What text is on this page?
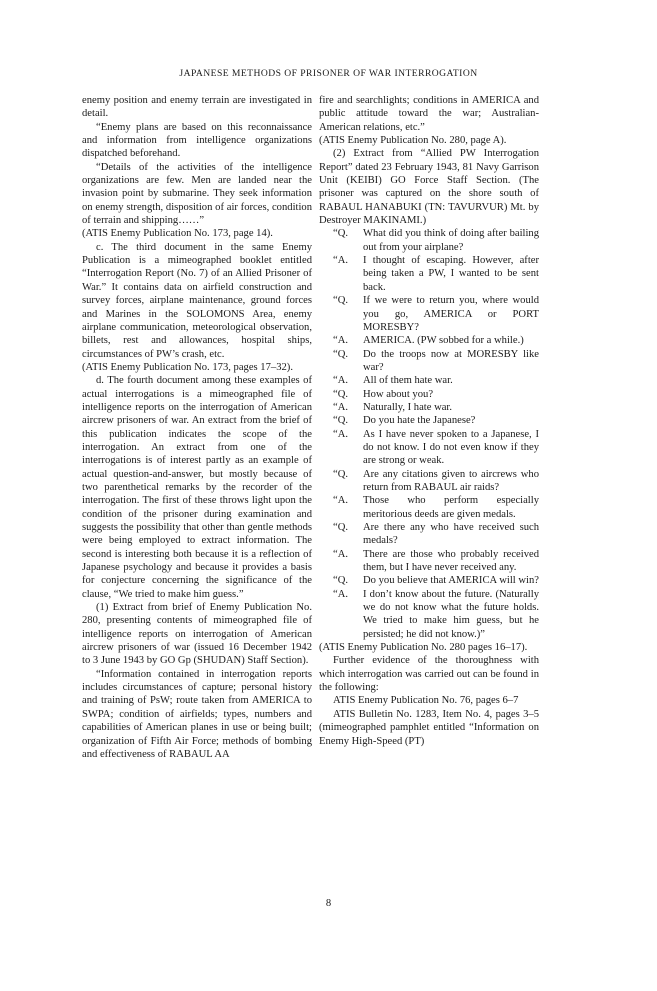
JAPANESE METHODS OF PRISONER OF WAR INTERROGATION

enemy position and enemy terrain are investigated in detail.

“Enemy plans are based on this reconnaissance and information from intelligence organizations dispatched beforehand.

“Details of the activities of the intelligence organizations are few. Men are landed near the invasion point by submarine. They seek information on enemy strength, disposition of air forces, condition of terrain and shipping……”

(ATIS Enemy Publication No. 173, page 14).

c. The third document in the same Enemy Publication is a mimeographed booklet entitled “Interrogation Report (No. 7) of an Allied Prisoner of War.” It contains data on airfield construction and survey forces, airplane maintenance, ground forces and Marines in the SOLOMONS Area, enemy airplane communication, meteorological observation, billets, rest and allowances, hospital ships, circumstances of PW’s crash, etc.

(ATIS Enemy Publication No. 173, pages 17–32).

d. The fourth document among these examples of actual interrogations is a mimeographed file of intelligence reports on the interrogation of American aircrew prisoners of war. An extract from the brief of this publication indicates the scope of the interrogation. An extract from one of the interrogations is of interest partly as an example of actual question-and-answer, but mostly because of two parenthetical remarks by the recorder of the interrogation. The first of these throws light upon the condition of the prisoner during examination and suggests the possibility that other than gentle methods were being employed to extract information. The second is interesting both because it is a reflection of Japanese psychology and because it provides a basis for conjecture concerning the significance of the clause, “We tried to make him guess.”

(1) Extract from brief of Enemy Publication No. 280, presenting contents of mimeographed file of intelligence reports on interrogation of American aircrew prisoners of war (issued 16 December 1942 to 3 June 1943 by GO Gp (SHUDAN) Staff Section).

“Information contained in interrogation reports includes circumstances of capture; personal history and training of PsW; route taken from AMERICA to SWPA; condition of airfields; types, numbers and capabilities of American planes in use or being built; organization of Fifth Air Force; methods of bombing and effectiveness of RABAUL AA

fire and searchlights; conditions in AMERICA and public attitude toward the war; Australian-American relations, etc.”

(ATIS Enemy Publication No. 280, page A).

(2) Extract from “Allied PW Interrogation Report” dated 23 February 1943, 81 Navy Garrison Unit (KEIBI) GO Force Staff Section. (The prisoner was captured on the shore south of RABAUL HANABUKI (TN: TAVURVUR) Mt. by Destroyer MAKINAMI.)

“Q.	What did you think of doing after bailing out from your airplane?
“A.	I thought of escaping. However, after being taken a PW, I wanted to be sent back.
“Q.	If we were to return you, where would you go, AMERICA or PORT MORESBY?
“A.	AMERICA. (PW sobbed for a while.)
“Q.	Do the troops now at MORESBY like war?
“A.	All of them hate war.
“Q.	How about you?
“A.	Naturally, I hate war.
“Q.	Do you hate the Japanese?
“A.	As I have never spoken to a Japanese, I do not know. I do not even know if they are strong or weak.
“Q.	Are any citations given to aircrews who return from RABAUL air raids?
“A.	Those who perform especially meritorious deeds are given medals.
“Q.	Are there any who have received such medals?
“A.	There are those who probably received them, but I have never received any.
“Q.	Do you believe that AMERICA will win?
“A.	I don’t know about the future. (Naturally we do not know what the future holds. We tried to make him guess, but he persisted; he did not know.)”

(ATIS Enemy Publication No. 280 pages 16–17).

Further evidence of the thoroughness with which interrogation was carried out can be found in the following:

ATIS Enemy Publication No. 76, pages 6–7

ATIS Bulletin No. 1283, Item No. 4, pages 3–5 (mimeographed pamphlet entitled “Information on Enemy High-Speed (PT)

8
